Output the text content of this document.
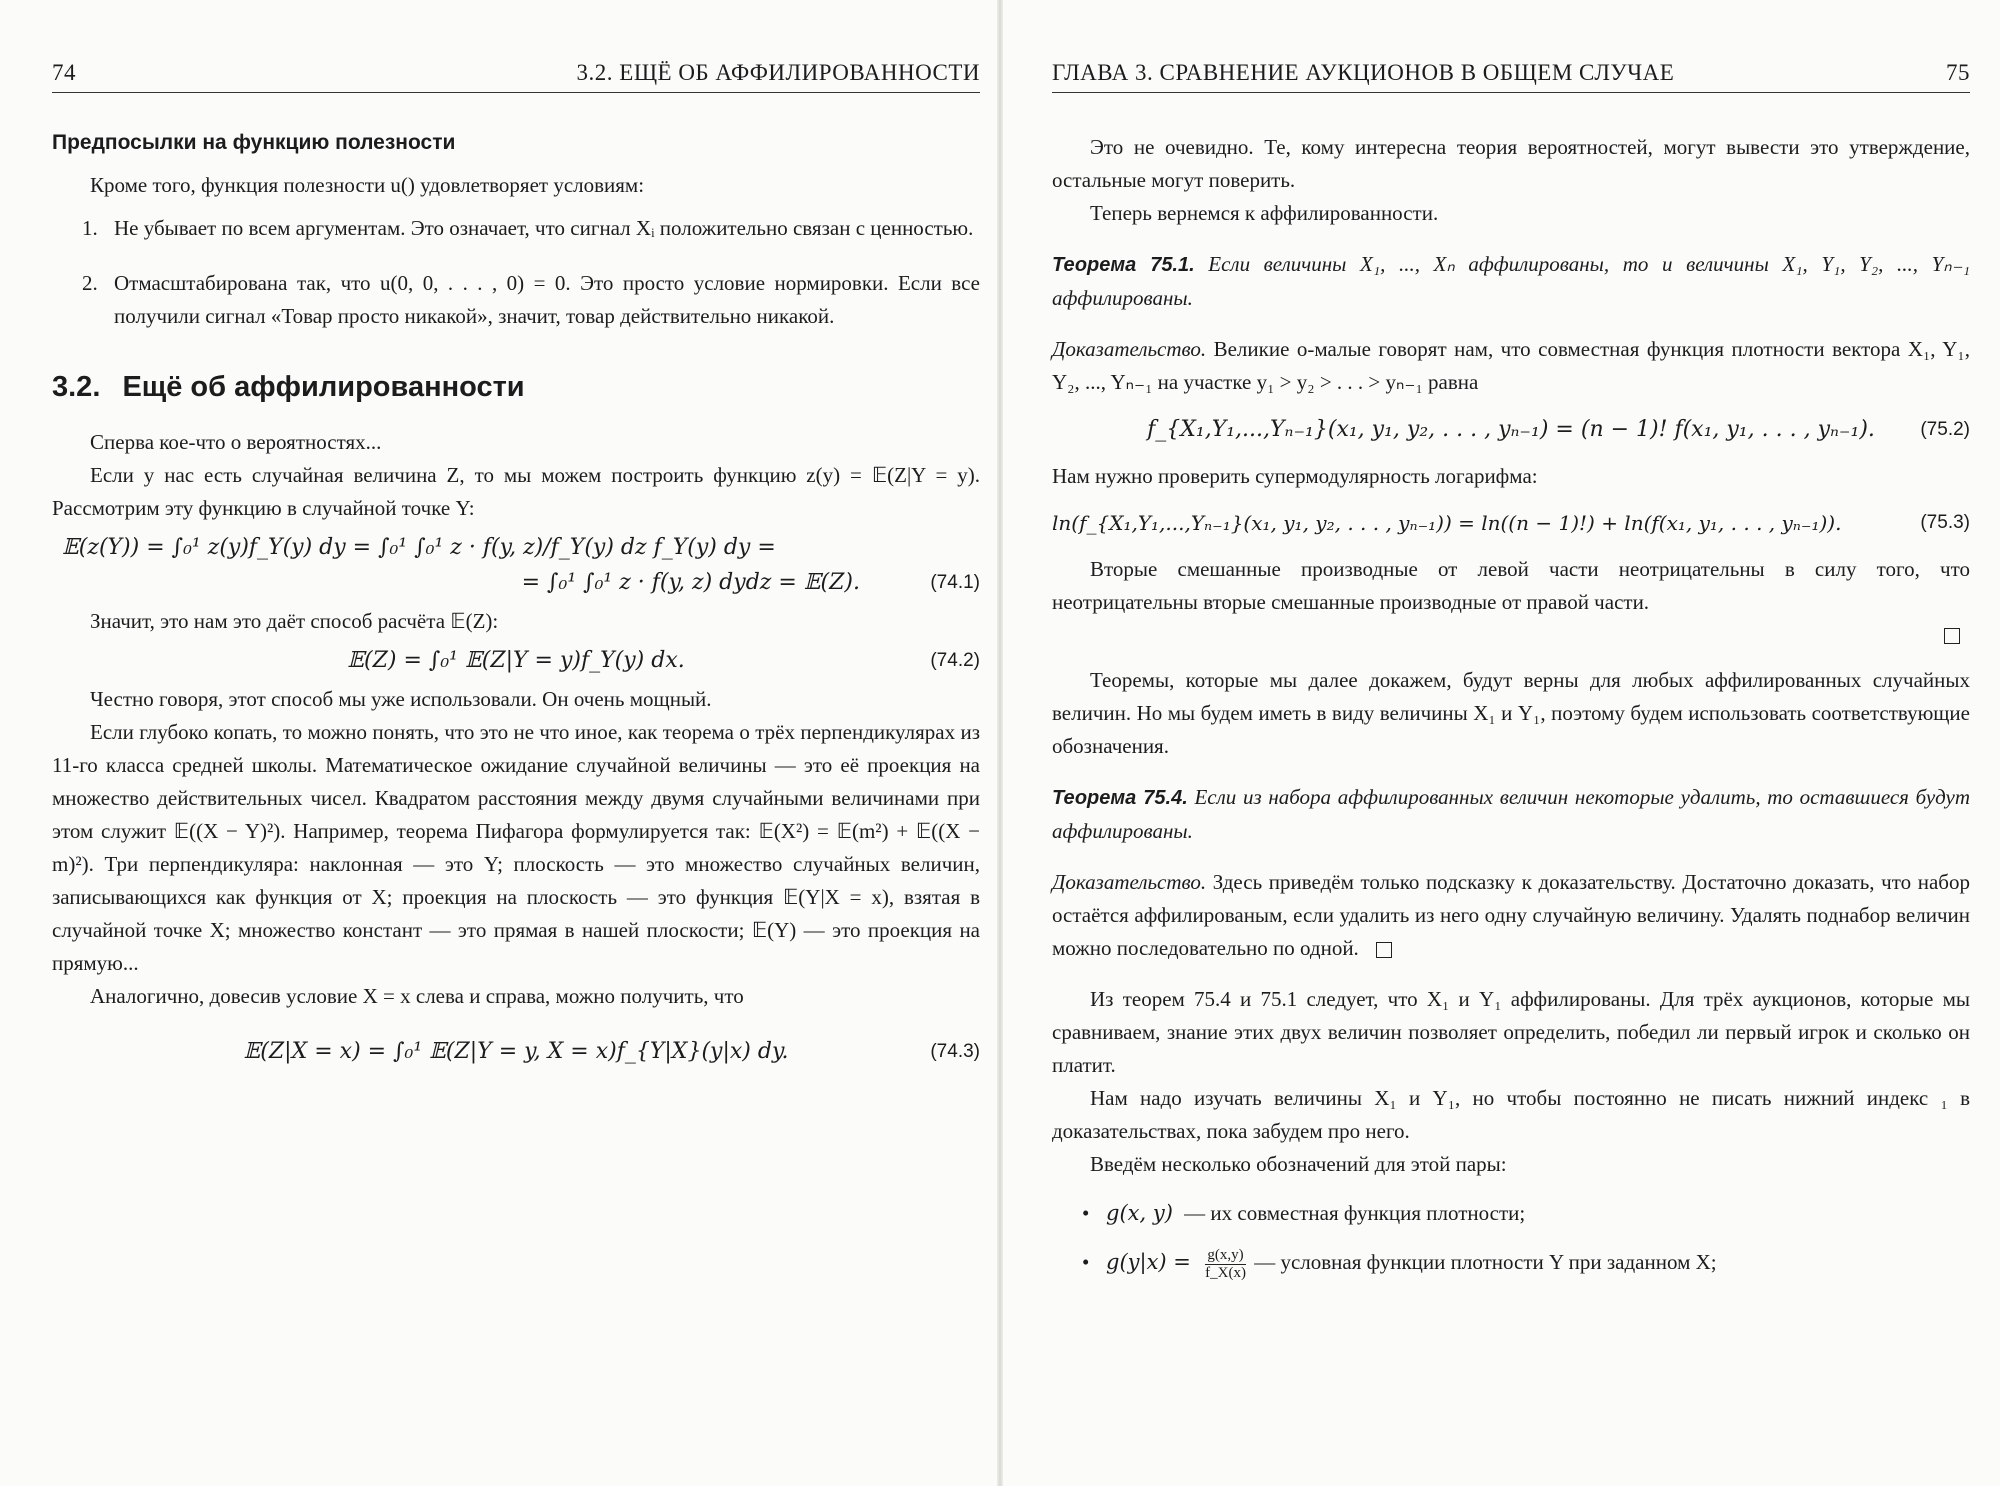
74	3.2. ЕЩЁ ОБ АФФИЛИРОВАННОСТИ
Предпосылки на функцию полезности

Кроме того, функция полезности u() удовлетворяет условиям:

1. Не убывает по всем аргументам. Это означает, что сигнал Xᵢ положительно связан с ценностью.

2. Отмасштабирована так, что u(0, 0, . . . , 0) = 0. Это просто условие нормировки. Если все получили сигнал «Товар просто никакой», значит, товар действительно никакой.

3.2. Ещё об аффилированности

Сперва кое-что о вероятностях...

Если у нас есть случайная величина Z, то мы можем построить функцию z(y) = 𝔼(Z|Y = y). Рассмотрим эту функцию в случайной точке Y:

𝔼(z(Y)) = ∫₀¹ z(y)f_Y(y) dy = ∫₀¹ ∫₀¹ z · f(y, z)/f_Y(y) dz f_Y(y) dy =
= ∫₀¹ ∫₀¹ z · f(y, z) dydz = 𝔼(Z).	(74.1)

Значит, это нам это даёт способ расчёта 𝔼(Z):

𝔼(Z) = ∫₀¹ 𝔼(Z|Y = y)f_Y(y) dx.	(74.2)

Честно говоря, этот способ мы уже использовали. Он очень мощный.

Если глубоко копать, то можно понять, что это не что иное, как теорема о трёх перпендикулярах из 11-го класса средней школы. Математическое ожидание случайной величины — это её проекция на множество действительных чисел. Квадратом расстояния между двумя случайными величинами при этом служит 𝔼((X − Y)²). Например, теорема Пифагора формулируется так: 𝔼(X²) = 𝔼(m²) + 𝔼((X − m)²). Три перпендикуляра: наклонная — это Y; плоскость — это множество случайных величин, записывающихся как функция от X; проекция на плоскость — это функция 𝔼(Y|X = x), взятая в случайной точке X; множество констант — это прямая в нашей плоскости; 𝔼(Y) — это проекция на прямую...

Аналогично, довесив условие X = x слева и справа, можно получить, что

𝔼(Z|X = x) = ∫₀¹ 𝔼(Z|Y = y, X = x)f_{Y|X}(y|x) dy.	(74.3)
ГЛАВА 3. СРАВНЕНИЕ АУКЦИОНОВ В ОБЩЕМ СЛУЧАЕ	75

Это не очевидно. Те, кому интересна теория вероятностей, могут вывести это утверждение, остальные могут поверить.

Теперь вернемся к аффилированности.

Теорема 75.1. Если величины X₁, ..., Xₙ аффилированы, то и величины X₁, Y₁, Y₂, ..., Yₙ₋₁ аффилированы.

Доказательство. Великие о-малые говорят нам, что совместная функция плотности вектора X₁, Y₁, Y₂, ..., Yₙ₋₁ на участке y₁ > y₂ > . . . > yₙ₋₁ равна

f_{X₁,Y₁,...,Yₙ₋₁}(x₁, y₁, y₂, . . . , yₙ₋₁) = (n − 1)! f(x₁, y₁, . . . , yₙ₋₁). (75.2)

Нам нужно проверить супермодулярность логарифма:

ln(f_{X₁,Y₁,...,Yₙ₋₁}(x₁, y₁, y₂, . . . , yₙ₋₁)) = ln((n − 1)!) + ln(f(x₁, y₁, . . . , yₙ₋₁)).	(75.3)

Вторые смешанные производные от левой части неотрицательны в силу того, что неотрицательны вторые смешанные производные от правой части.

Теоремы, которые мы далее докажем, будут верны для любых аффилированных случайных величин. Но мы будем иметь в виду величины X₁ и Y₁, поэтому будем использовать соответствующие обозначения.

Теорема 75.4. Если из набора аффилированных величин некоторые удалить, то оставшиеся будут аффилированы.

Доказательство. Здесь приведём только подсказку к доказательству. Достаточно доказать, что набор остаётся аффилированым, если удалить из него одну случайную величину. Удалять поднабор величин можно последовательно по одной.

Из теорем 75.4 и 75.1 следует, что X₁ и Y₁ аффилированы. Для трёх аукционов, которые мы сравниваем, знание этих двух величин позволяет определить, победил ли первый игрок и сколько он платит.

Нам надо изучать величины X₁ и Y₁, но чтобы постоянно не писать нижний индекс ₁ в доказательствах, пока забудем про него.

Введём несколько обозначений для этой пары:

• g(x, y) — их совместная функция плотности;
• $g(y|x) = \frac{g(x,y)}{f\_X(x)}$ — условная функции плотности Y при заданном X;
